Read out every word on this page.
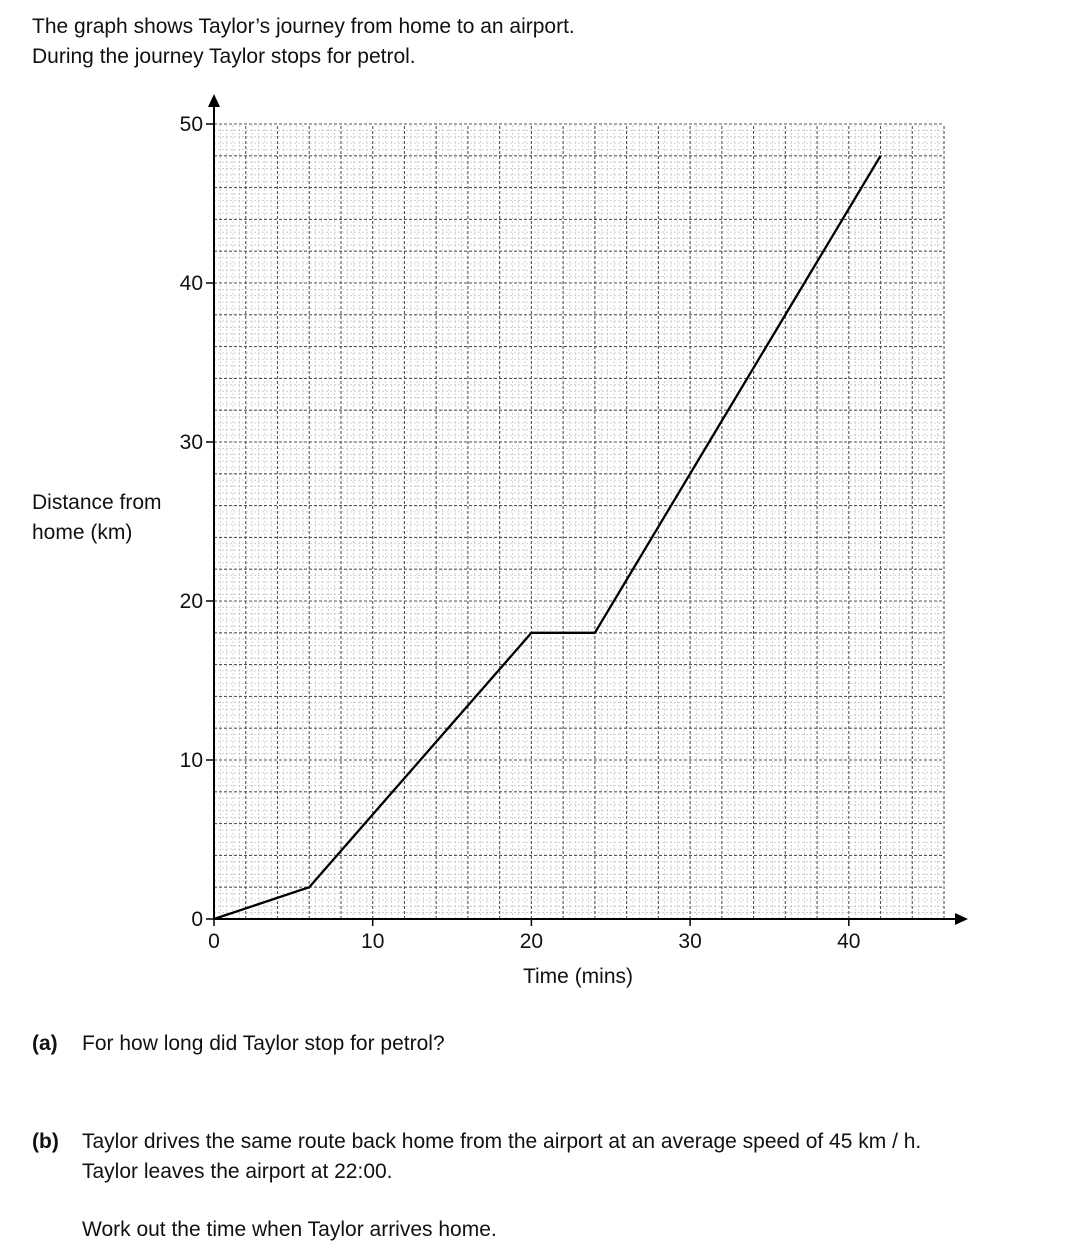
The graph shows Taylor’s journey from home to an airport.

During the journey Taylor stops for petrol.

0	10	20	30	40
0
10
20
30
40
50
Time (mins)
Distance from
home (km)
(a) For how long did Taylor stop for petrol?

(b) Taylor drives the same route back home from the airport at an average speed of 45 km / h.

Taylor leaves the airport at 22:00.

Work out the time when Taylor arrives home.
